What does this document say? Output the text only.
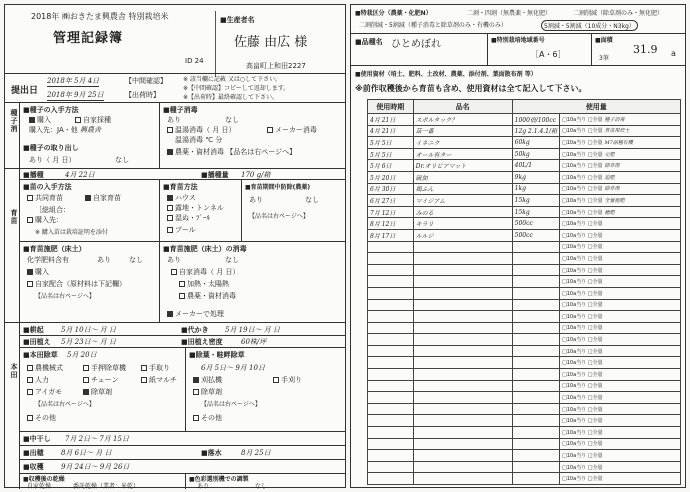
2018年 ㈱おきたま興農舎 特別栽培米
管理記録簿
ID 24
■生産者名
佐藤 由広 様
高畠町上和田2227
提出日
2018年 5月 4日	【中間確認】
2018年 9月 25日	【出荷時】
※ 該当欄に記載 又は○して下さい。
※【中間確認】コピーして返却します。
※【出荷時】最終確認して下さい。
種子消
■種子の入手方法
購入	自家採種
購入先：JA・他 興農舎
■種子の取り出し
あり（ 月 日）	なし
■種子消毒
あり	なし
温湯消毒（ 月 日）	メーカー消毒
温湯消毒 ℃ 分
農薬・資材消毒 【品名は右ページへ】
育苗
■播種	4月 22日	■播種量 170 g/箱
■苗の入手方法
共同育苗	自家育苗
［総組合：
購入先：
※ 購入苗は栽培証明を添付
■育苗方法
ハウス
露地・トンネル
湿ぬ・ﾌﾟｰﾙ
プール
■育苗期間中防除(農薬)
あり	なし
【品名は右ページへ】
■育苗施肥（床土）
化学肥料含有	あり	なし
購入
自家配合（原材料は下記欄）
【品名は右ページへ】
■育苗施肥（床土）の消毒
あり	なし
自家消毒（ 月 日）
加熱・太陽熱
農薬・資材消毒
メーカーで処理
本田
■耕起 5月 10日〜 月 日	■代かき 5月 19日〜 月 日
■田植え 5月 23日〜 月 日	■田植え密度	60株/坪
■本田除草 5月 20日
農機械式	手押除草機	手取り
人力	チェーン	紙マルチ
アイガモ	除草剤
【品名は右ページへ】
その他
■除葉・畦畔除草
6月 5日〜 9月 10日
刈払機	手刈り
除草剤
【品名は右ページへ】
その他
■中干し 7月 2日〜 7月 15日
■出穂 8月 6日〜 月 日	■落水	8月 25日
■収穫 9月 24日〜 9月 26日
■収穫後の乾燥
自家乾燥	委託乾燥（業者：米乾）
■色彩選別機での調製
あり	なし
■特栽区分（農薬・化肥N）	二割・四割（無農薬・無化肥）	二割削減（除草剤のみ・無化肥）
二割削減・5割減（種子消毒と除草剤のみ・有機のみ）	5割減・5割減（10成分・N3kg）
■品種名 ひとめぼれ	■特別栽培地域番号
［A・6］
■面積
3筆
31.9 a
■使用資材（培土、肥料、土改材、農薬、添付剤、葉面散布剤 等）
※前作収穫後から育苗も含め、使用資材は全て記入して下さい。
使用時期	品名	使用量	
4月 21日	スポルタック？	1000倍/100cc	□10a当り □全量 種子消毒
4月 21日	苗一番	12g 2.1.4.1/箱	□10a当り □全量 育苗用培土
5月 5日	イネニク	60kg	□10a当り □全量 M7品種有機
5月 5日	オール有ター	50kg	□10a当り □全量 元肥
5月 6日	Dr.オリビアマット	40L/1	□10a当り □全量 除草剤
5月 20日	硫加	9kg	□10a当り □全量 追肥
6月 30日	鶏ふん	1kg	□10a当り □全量 除草剤
6月 27日	マイジアム	15kg	□10a当り □全量 全量施肥
7月 12日	みのる	15kg	□10a当り □全量 穂肥
8月 12日	キラリ	500cc	□10a当り □全量
8月 17日	ルルジ	500cc	□10a当り □全量
			□10a当り □全量
			□10a当り □全量
			□10a当り □全量
			□10a当り □全量
			□10a当り □全量
			□10a当り □全量
			□10a当り □全量
			□10a当り □全量
			□10a当り □全量
			□10a当り □全量
			□10a当り □全量
			□10a当り □全量
			□10a当り □全量
			□10a当り □全量
			□10a当り □全量
			□10a当り □全量
			□10a当り □全量
			□10a当り □全量
			□10a当り □全量
			□10a当り □全量
			□10a当り □全量
